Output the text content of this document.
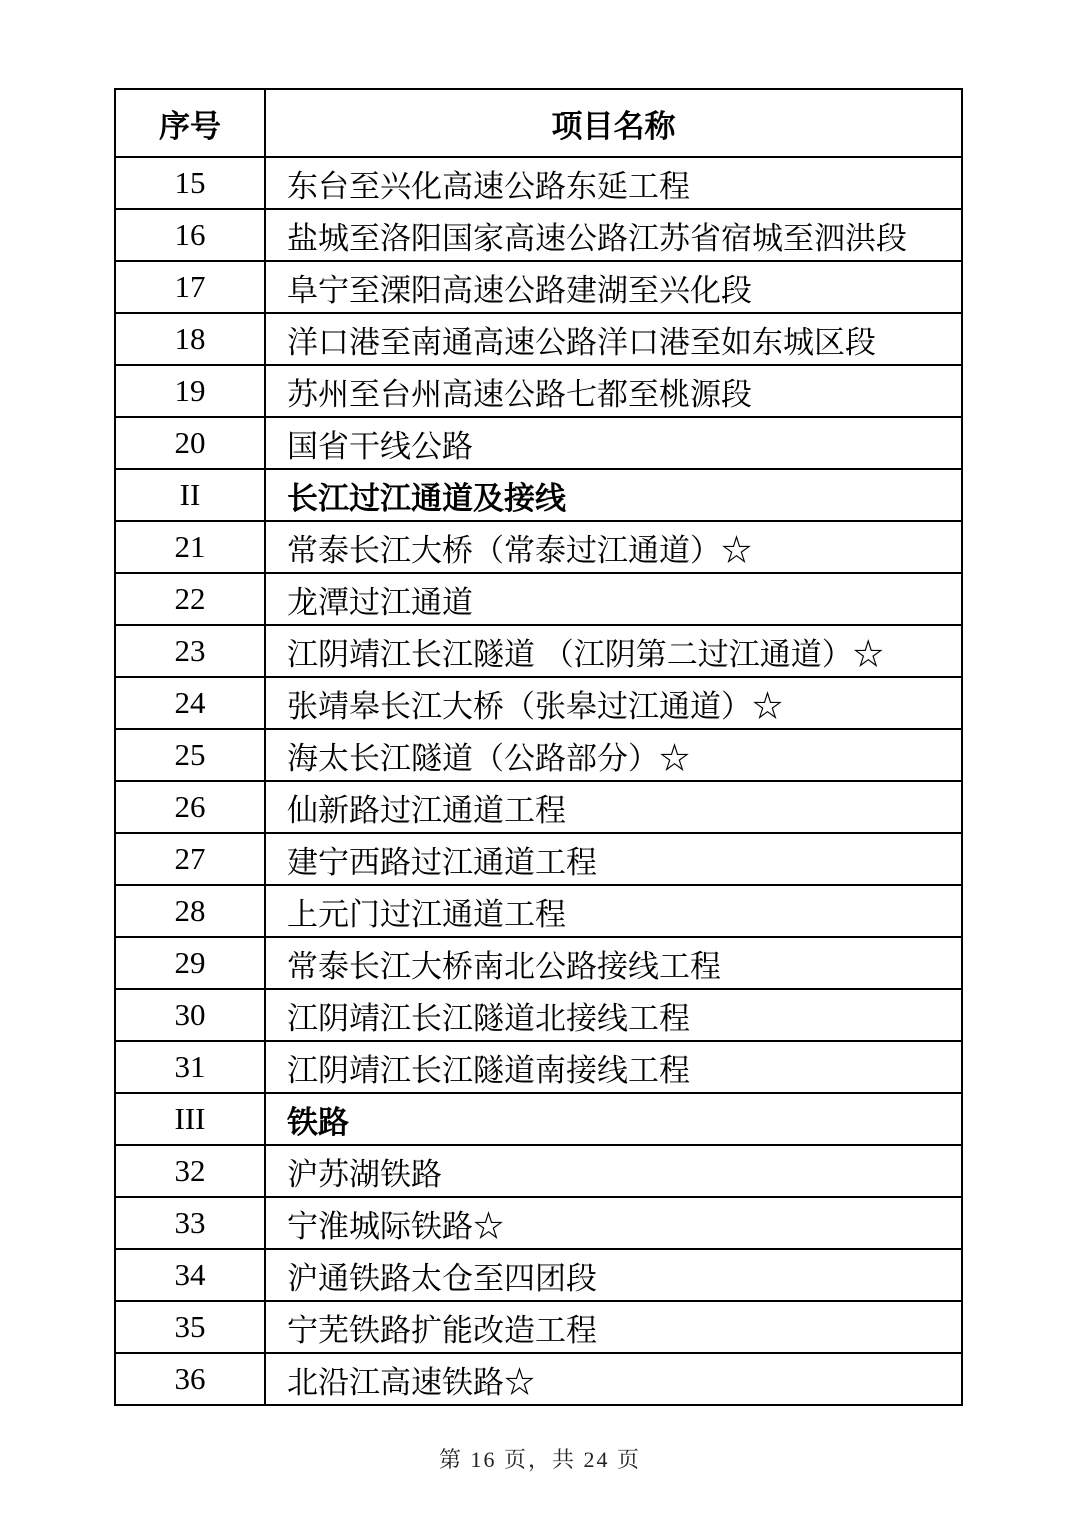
序号	项目名称
15	东台至兴化高速公路东延工程
16	盐城至洛阳国家高速公路江苏省宿城至泗洪段
17	阜宁至溧阳高速公路建湖至兴化段
18	洋口港至南通高速公路洋口港至如东城区段
19	苏州至台州高速公路七都至桃源段
20	国省干线公路
II	长江过江通道及接线
21	常泰长江大桥（常泰过江通道）☆
22	龙潭过江通道
23	江阴靖江长江隧道 （江阴第二过江通道）☆
24	张靖皋长江大桥（张皋过江通道）☆
25	海太长江隧道（公路部分）☆
26	仙新路过江通道工程
27	建宁西路过江通道工程
28	上元门过江通道工程
29	常泰长江大桥南北公路接线工程
30	江阴靖江长江隧道北接线工程
31	江阴靖江长江隧道南接线工程
III	铁路
32	沪苏湖铁路
33	宁淮城际铁路☆
34	沪通铁路太仓至四团段
35	宁芜铁路扩能改造工程
36	北沿江高速铁路☆
第 16 页，共 24 页
